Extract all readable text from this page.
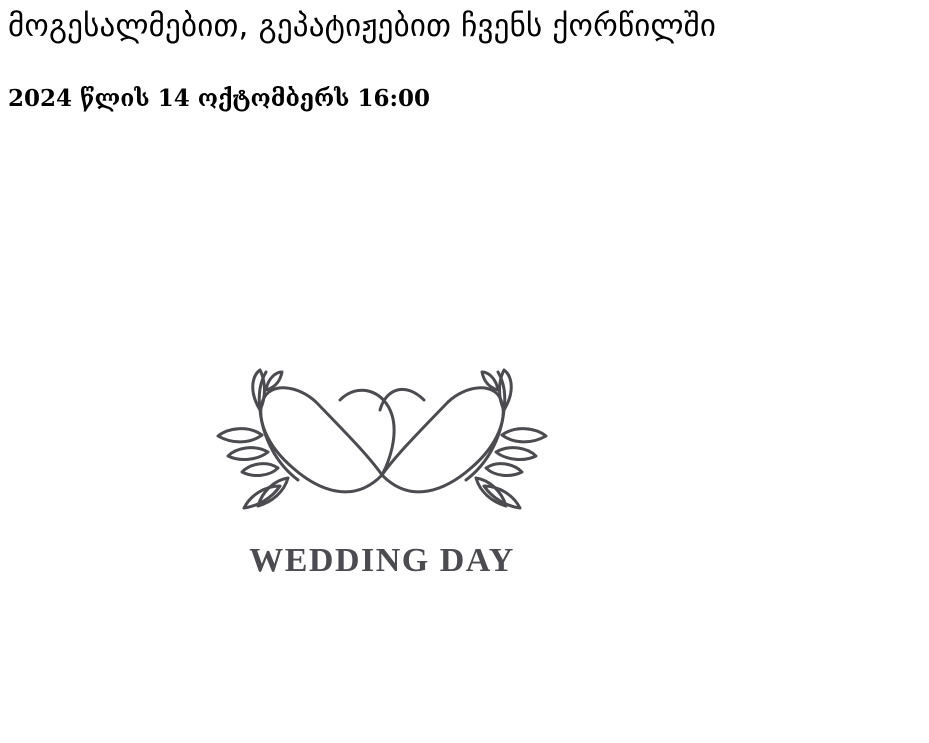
მოგესალმებით, გეპატიჟებით ჩვენს ქორწილში
2024 წლის 14 ოქტომბერს 16:00
WEDDING DAY
